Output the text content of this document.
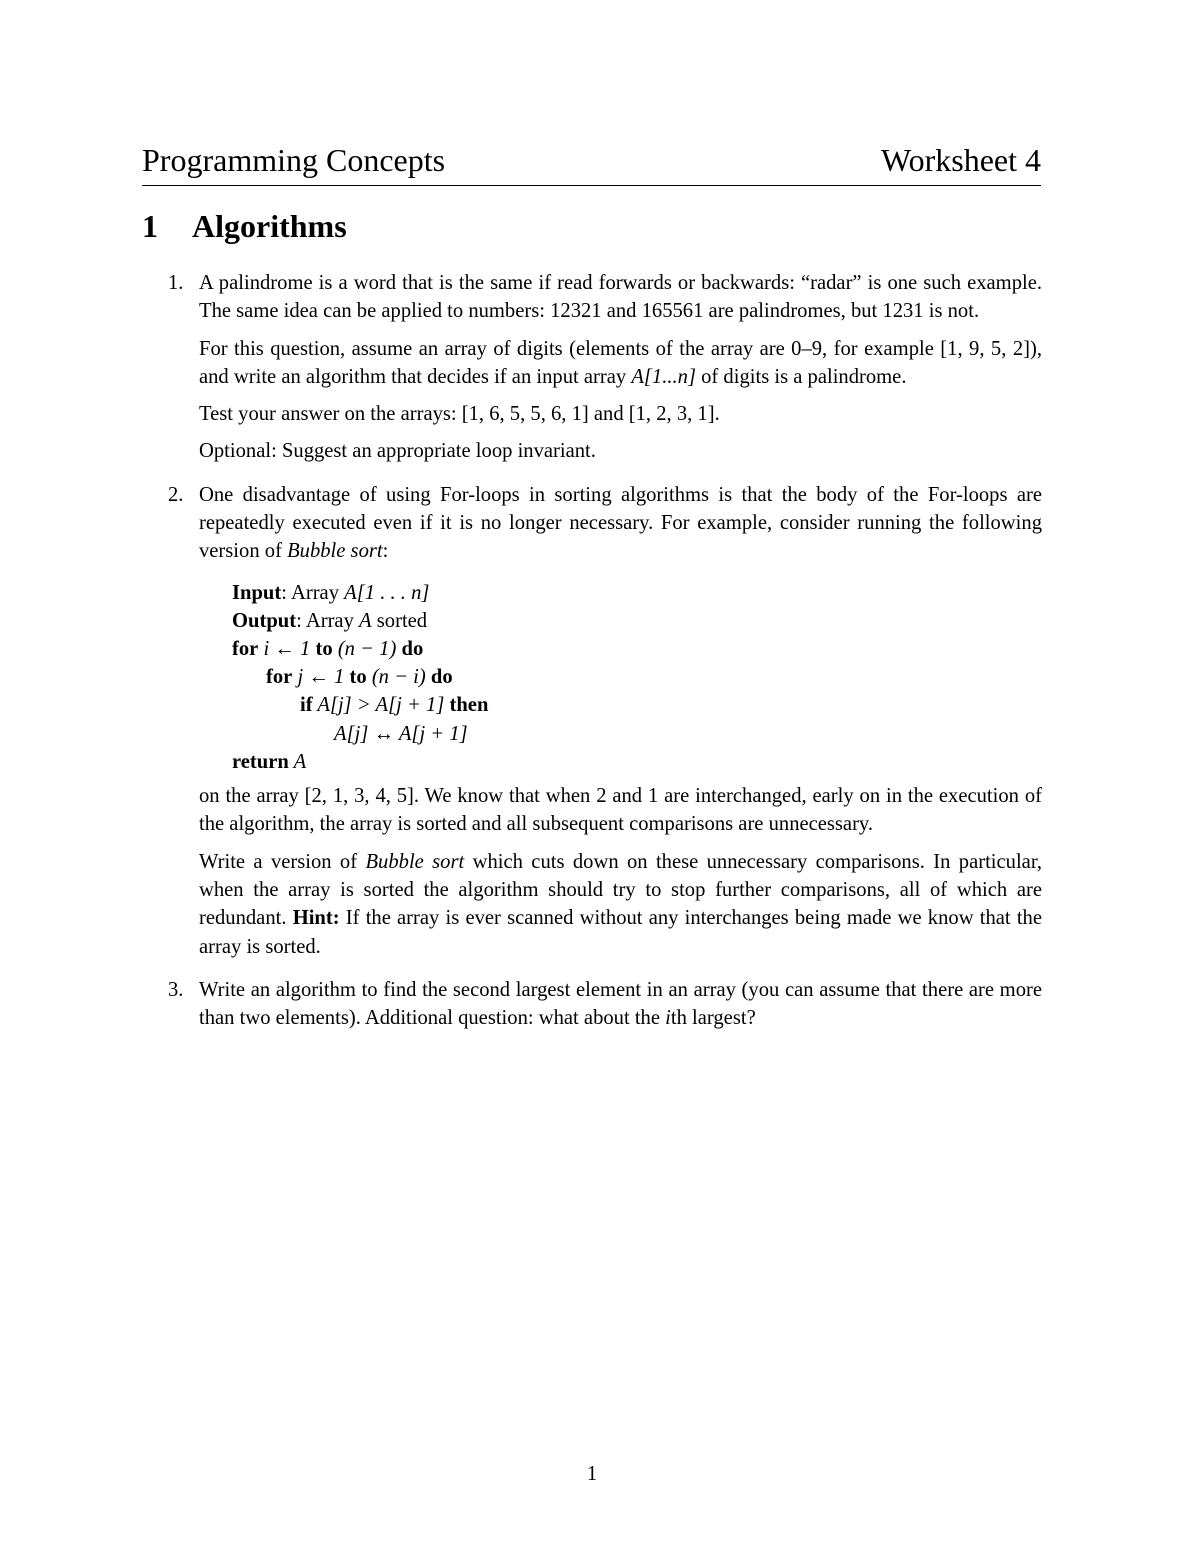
Programming Concepts	Worksheet 4
1 Algorithms
1. A palindrome is a word that is the same if read forwards or backwards: “radar” is one such example. The same idea can be applied to numbers: 12321 and 165561 are palindromes, but 1231 is not.

For this question, assume an array of digits (elements of the array are 0–9, for example [1, 9, 5, 2]), and write an algorithm that decides if an input array A[1...n] of digits is a palindrome.

Test your answer on the arrays: [1, 6, 5, 5, 6, 1] and [1, 2, 3, 1].

Optional: Suggest an appropriate loop invariant.

2. One disadvantage of using For-loops in sorting algorithms is that the body of the For-loops are repeatedly executed even if it is no longer necessary. For example, consider running the following version of Bubble sort:

Input: Array A[1 . . . n]
Output: Array A sorted
for i ← 1 to (n − 1) do
for j ← 1 to (n − i) do
if A[j] > A[j + 1] then
A[j] ↔ A[j + 1]
return A

on the array [2, 1, 3, 4, 5]. We know that when 2 and 1 are interchanged, early on in the execution of the algorithm, the array is sorted and all subsequent comparisons are unnecessary.

Write a version of Bubble sort which cuts down on these unnecessary comparisons. In particular, when the array is sorted the algorithm should try to stop further comparisons, all of which are redundant. Hint: If the array is ever scanned without any interchanges being made we know that the array is sorted.

3. Write an algorithm to find the second largest element in an array (you can assume that there are more than two elements). Additional question: what about the ith largest?

1
